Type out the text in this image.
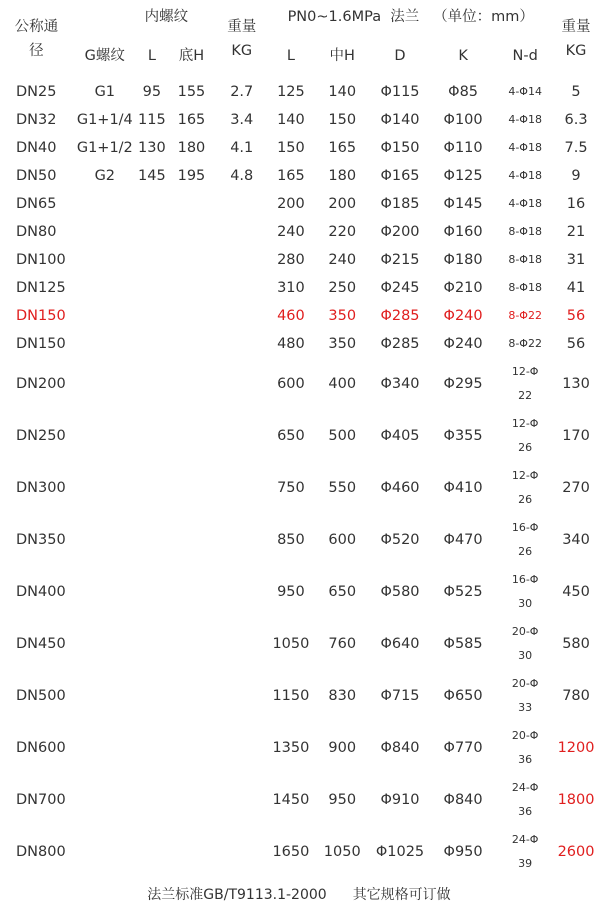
公称通径	内螺纹			重量KG	PN0~1.6MPa  法兰   （单位：mm）					重量KG
	G螺纹	L	底H		L	中H	D	K	N-d	
DN25	G1	95	155	2.7	125	140	Φ115	Φ85	4-Φ14	5
DN32	G1+1/4	115	165	3.4	140	150	Φ140	Φ100	4-Φ18	6.3
DN40	G1+1/2	130	180	4.1	150	165	Φ150	Φ110	4-Φ18	7.5
DN50	G2	145	195	4.8	165	180	Φ165	Φ125	4-Φ18	9
DN65					200	200	Φ185	Φ145	4-Φ18	16
DN80					240	220	Φ200	Φ160	8-Φ18	21
DN100					280	240	Φ215	Φ180	8-Φ18	31
DN125					310	250	Φ245	Φ210	8-Φ18	41
DN150					460	350	Φ285	Φ240	8-Φ22	56
DN150					480	350	Φ285	Φ240	8-Φ22	56
DN200					600	400	Φ340	Φ295	12-Φ22	130
DN250					650	500	Φ405	Φ355	12-Φ26	170
DN300					750	550	Φ460	Φ410	12-Φ26	270
DN350					850	600	Φ520	Φ470	16-Φ26	340
DN400					950	650	Φ580	Φ525	16-Φ30	450
DN450					1050	760	Φ640	Φ585	20-Φ30	580
DN500					1150	830	Φ715	Φ650	20-Φ33	780
DN600					1350	900	Φ840	Φ770	20-Φ36	1200
DN700					1450	950	Φ910	Φ840	24-Φ36	1800
DN800					1650	1050	Φ1025	Φ950	24-Φ39	2600
法兰标准GB/T9113.1-2000 其它规格可订做
